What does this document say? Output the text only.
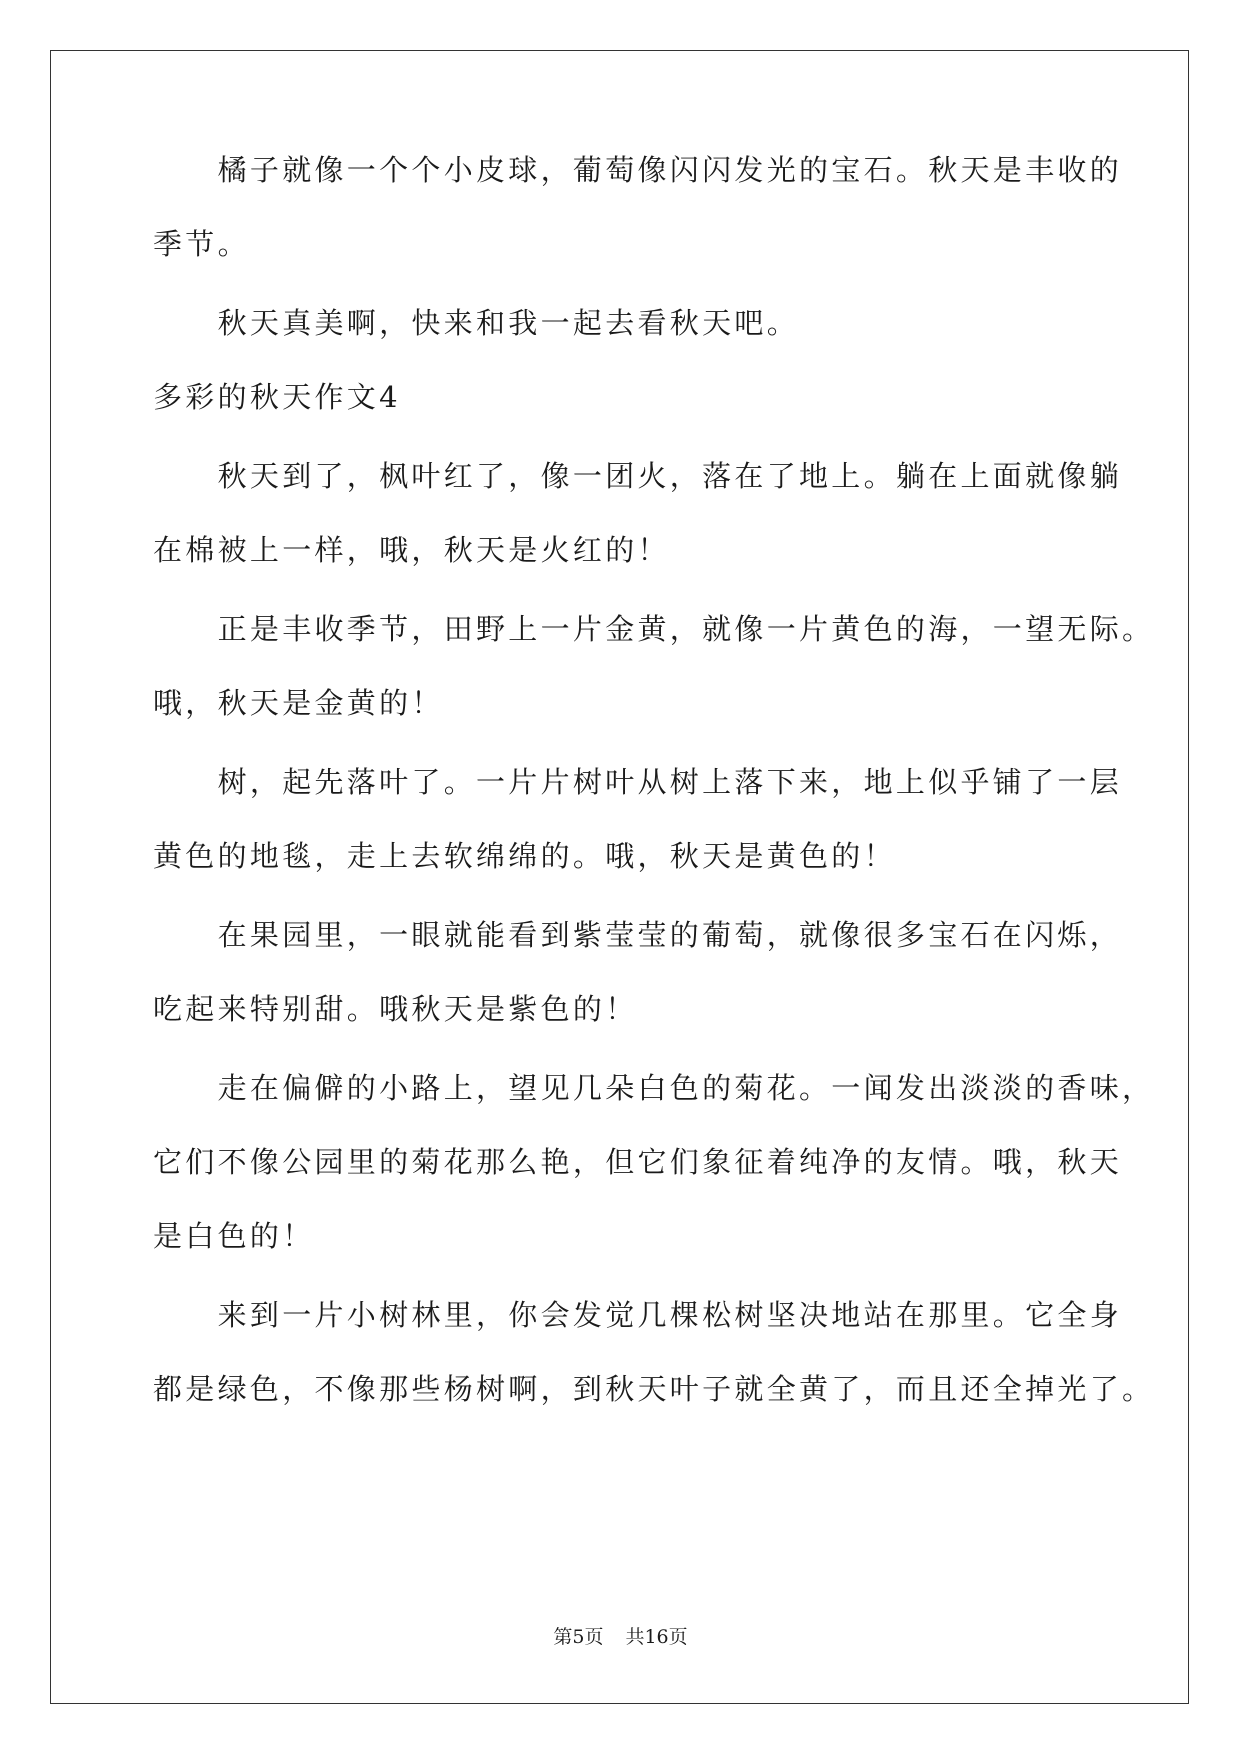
　　橘子就像一个个小皮球，葡萄像闪闪发光的宝石。秋天是丰收的
季节。
　　秋天真美啊，快来和我一起去看秋天吧。
多彩的秋天作文4
　　秋天到了，枫叶红了，像一团火，落在了地上。躺在上面就像躺
在棉被上一样，哦，秋天是火红的！
　　正是丰收季节，田野上一片金黄，就像一片黄色的海，一望无际。
哦，秋天是金黄的！
　　树，起先落叶了。一片片树叶从树上落下来，地上似乎铺了一层
黄色的地毯，走上去软绵绵的。哦，秋天是黄色的！
　　在果园里，一眼就能看到紫莹莹的葡萄，就像很多宝石在闪烁，
吃起来特别甜。哦秋天是紫色的！
　　走在偏僻的小路上，望见几朵白色的菊花。一闻发出淡淡的香味，
它们不像公园里的菊花那么艳，但它们象征着纯净的友情。哦，秋天
是白色的！
　　来到一片小树林里，你会发觉几棵松树坚决地站在那里。它全身
都是绿色，不像那些杨树啊，到秋天叶子就全黄了，而且还全掉光了。
第5页 共16页
